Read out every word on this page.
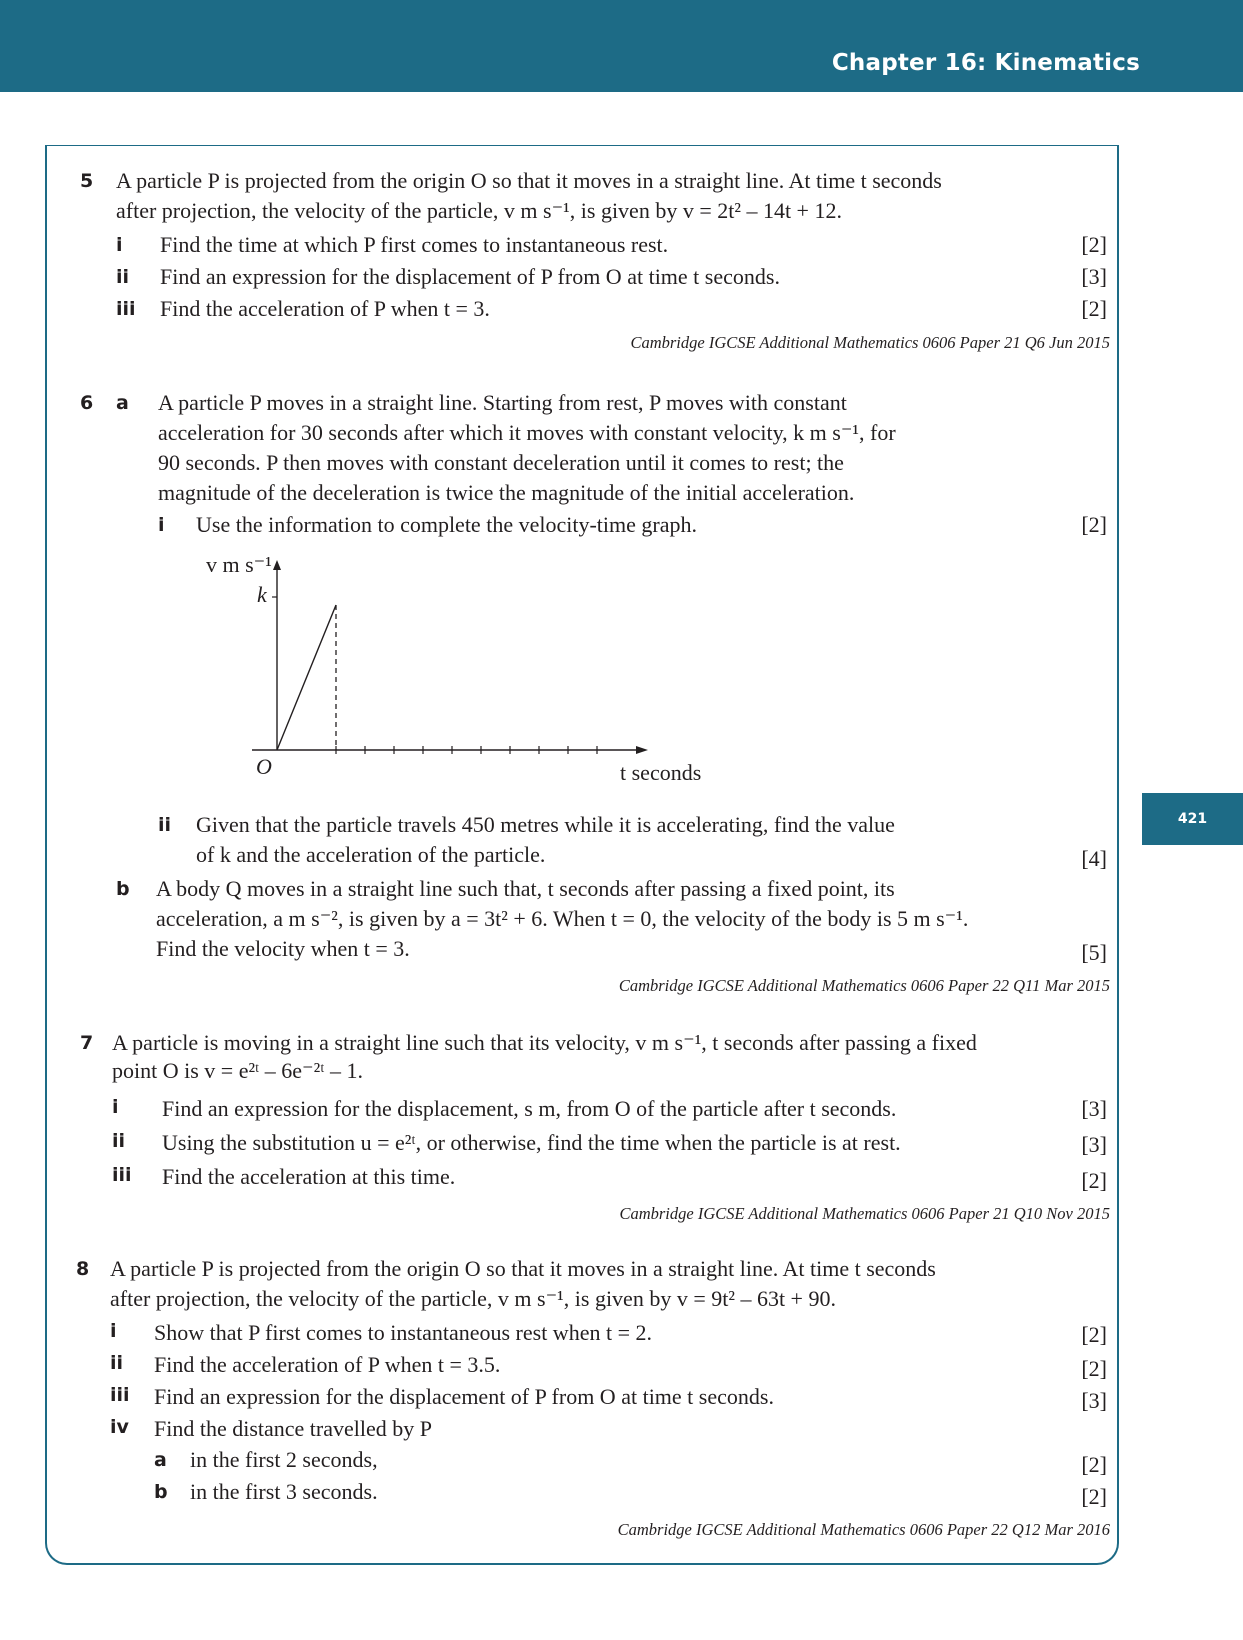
Chapter 16: Kinematics
421
5 A particle P is projected from the origin O so that it moves in a straight line. At time t seconds
after projection, the velocity of the particle, v m s⁻¹, is given by v = 2t² – 14t + 12.
i Find the time at which P first comes to instantaneous rest.	[2]
ii Find an expression for the displacement of P from O at time t seconds.	[3]
iii Find the acceleration of P when t = 3.	[2]
Cambridge IGCSE Additional Mathematics 0606 Paper 21 Q6 Jun 2015
6 a A particle P moves in a straight line. Starting from rest, P moves with constant
acceleration for 30 seconds after which it moves with constant velocity, k m s⁻¹, for
90 seconds. P then moves with constant deceleration until it comes to rest; the
magnitude of the deceleration is twice the magnitude of the initial acceleration.
i Use the information to complete the velocity-time graph.	[2]
v m s⁻¹
k
O	t seconds
ii Given that the particle travels 450 metres while it is accelerating, find the value
of k and the acceleration of the particle.	[4]
b A body Q moves in a straight line such that, t seconds after passing a fixed point, its
acceleration, a m s⁻², is given by a = 3t² + 6. When t = 0, the velocity of the body is 5 m s⁻¹.
Find the velocity when t = 3.	[5]
Cambridge IGCSE Additional Mathematics 0606 Paper 22 Q11 Mar 2015
7 A particle is moving in a straight line such that its velocity, v m s⁻¹, t seconds after passing a fixed
point O is v = e²ᵗ – 6e⁻²ᵗ – 1.
i Find an expression for the displacement, s m, from O of the particle after t seconds.	[3]
ii Using the substitution u = e²ᵗ, or otherwise, find the time when the particle is at rest.	[3]
iii Find the acceleration at this time.	[2]
Cambridge IGCSE Additional Mathematics 0606 Paper 21 Q10 Nov 2015
8 A particle P is projected from the origin O so that it moves in a straight line. At time t seconds
after projection, the velocity of the particle, v m s⁻¹, is given by v = 9t² – 63t + 90.
i Show that P first comes to instantaneous rest when t = 2.	[2]
ii Find the acceleration of P when t = 3.5.	[2]
iii Find an expression for the displacement of P from O at time t seconds.	[3]
iv Find the distance travelled by P
a in the first 2 seconds,	[2]
b in the first 3 seconds.	[2]
Cambridge IGCSE Additional Mathematics 0606 Paper 22 Q12 Mar 2016
